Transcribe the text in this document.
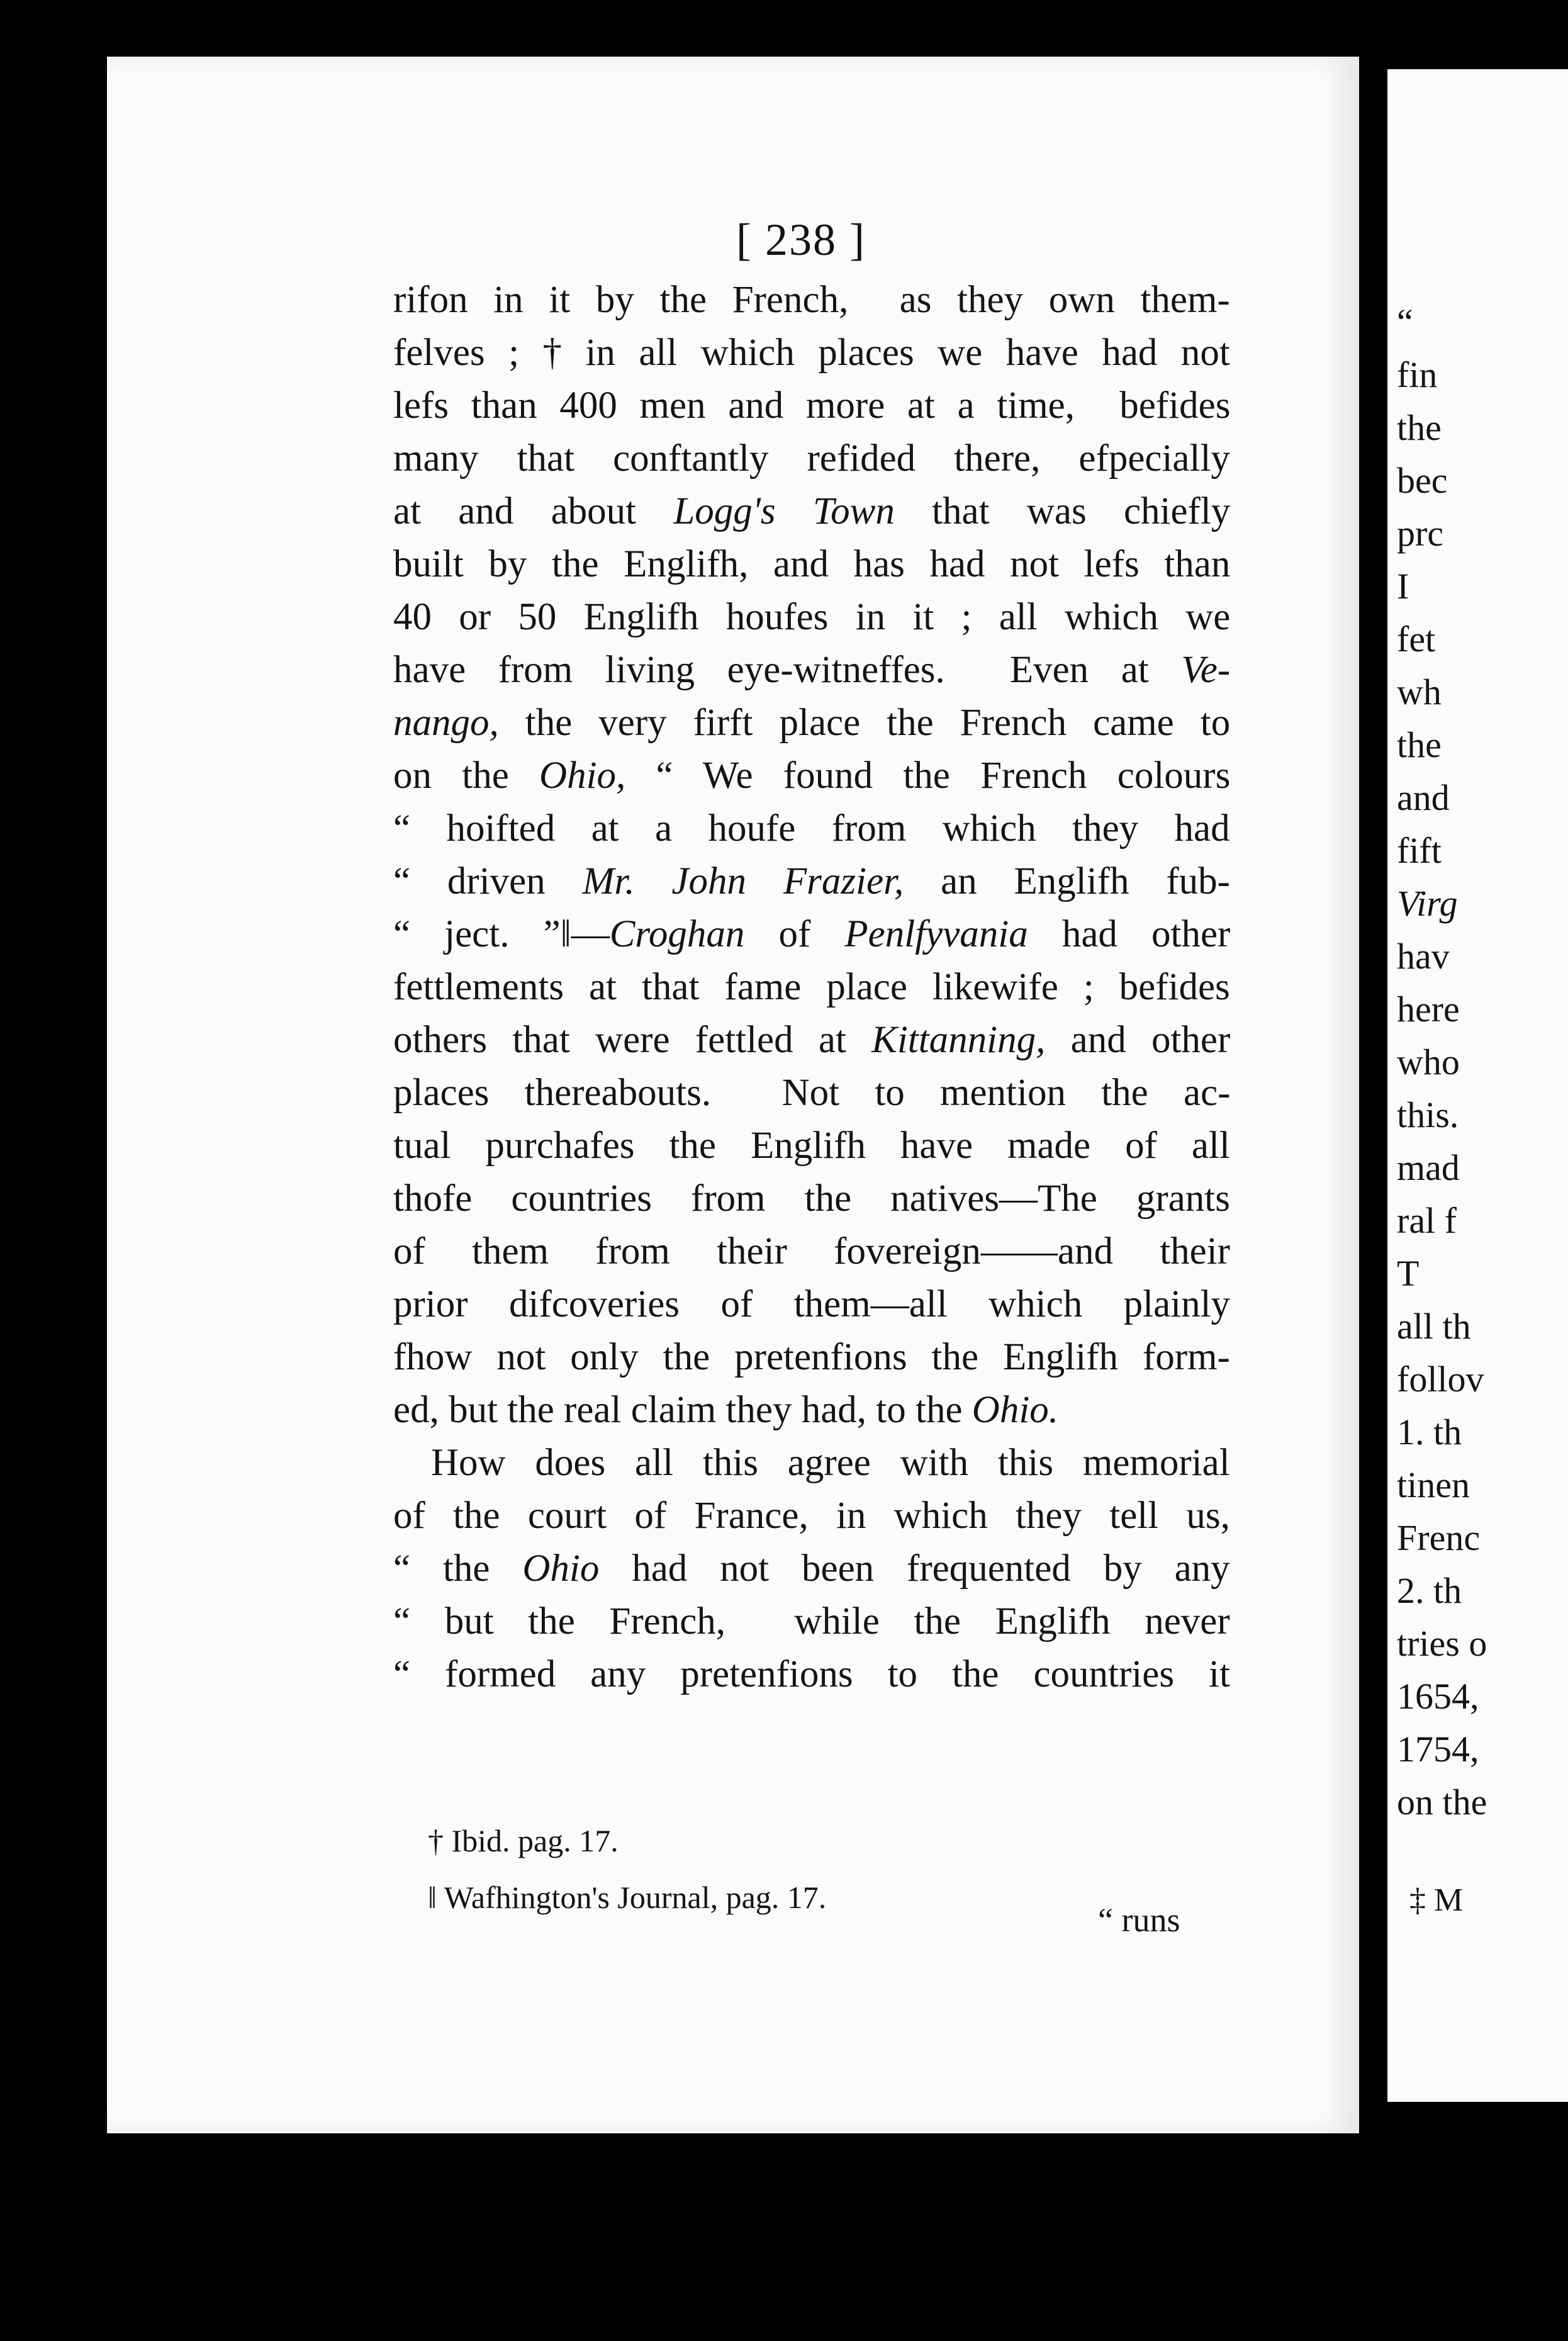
[ 238 ]
rifon in it by the French,  as they own them-
felves ; † in all which places we have had not
lefs than 400 men and more at a time,  befides
many that conftantly refided there, efpecially
at and about Logg's Town that was chiefly
built by the Englifh, and has had not lefs than
40 or 50 Englifh houfes in it ; all which we
have from living eye-witneffes.  Even at Ve-
nango, the very firft place the French came to
on the Ohio, “ We found the French colours
“ hoifted at a houfe from which they had
“ driven Mr. John Frazier, an Englifh fub-
“ ject. ”‖—Croghan of Penlfyvania had other
fettlements at that fame place likewife ; befides
others that were fettled at Kittanning, and other
places thereabouts.  Not to mention the ac-
tual purchafes the Englifh have made of all
thofe countries from the natives—The grants
of them from their fovereign——and their
prior difcoveries of them—all which plainly
fhow not only the pretenfions the Englifh form-
ed, but the real claim they had, to the Ohio.
How does all this agree with this memorial
of the court of France, in which they tell us,
“ the Ohio had not been frequented by any
“ but the French,  while the Englifh never
“ formed any pretenfions to the countries it
† Ibid. pag. 17.
‖ Wafhington's Journal, pag. 17.
“ runs
“
fin
the
bec
prc
I
fet
wh
the
and
fift
Virg
hav
here
who
this.
mad
ral f
T
all th
follov
1. th
tinen
Frenc
2. th
tries o
1654,
1754,
on the
‡ M
